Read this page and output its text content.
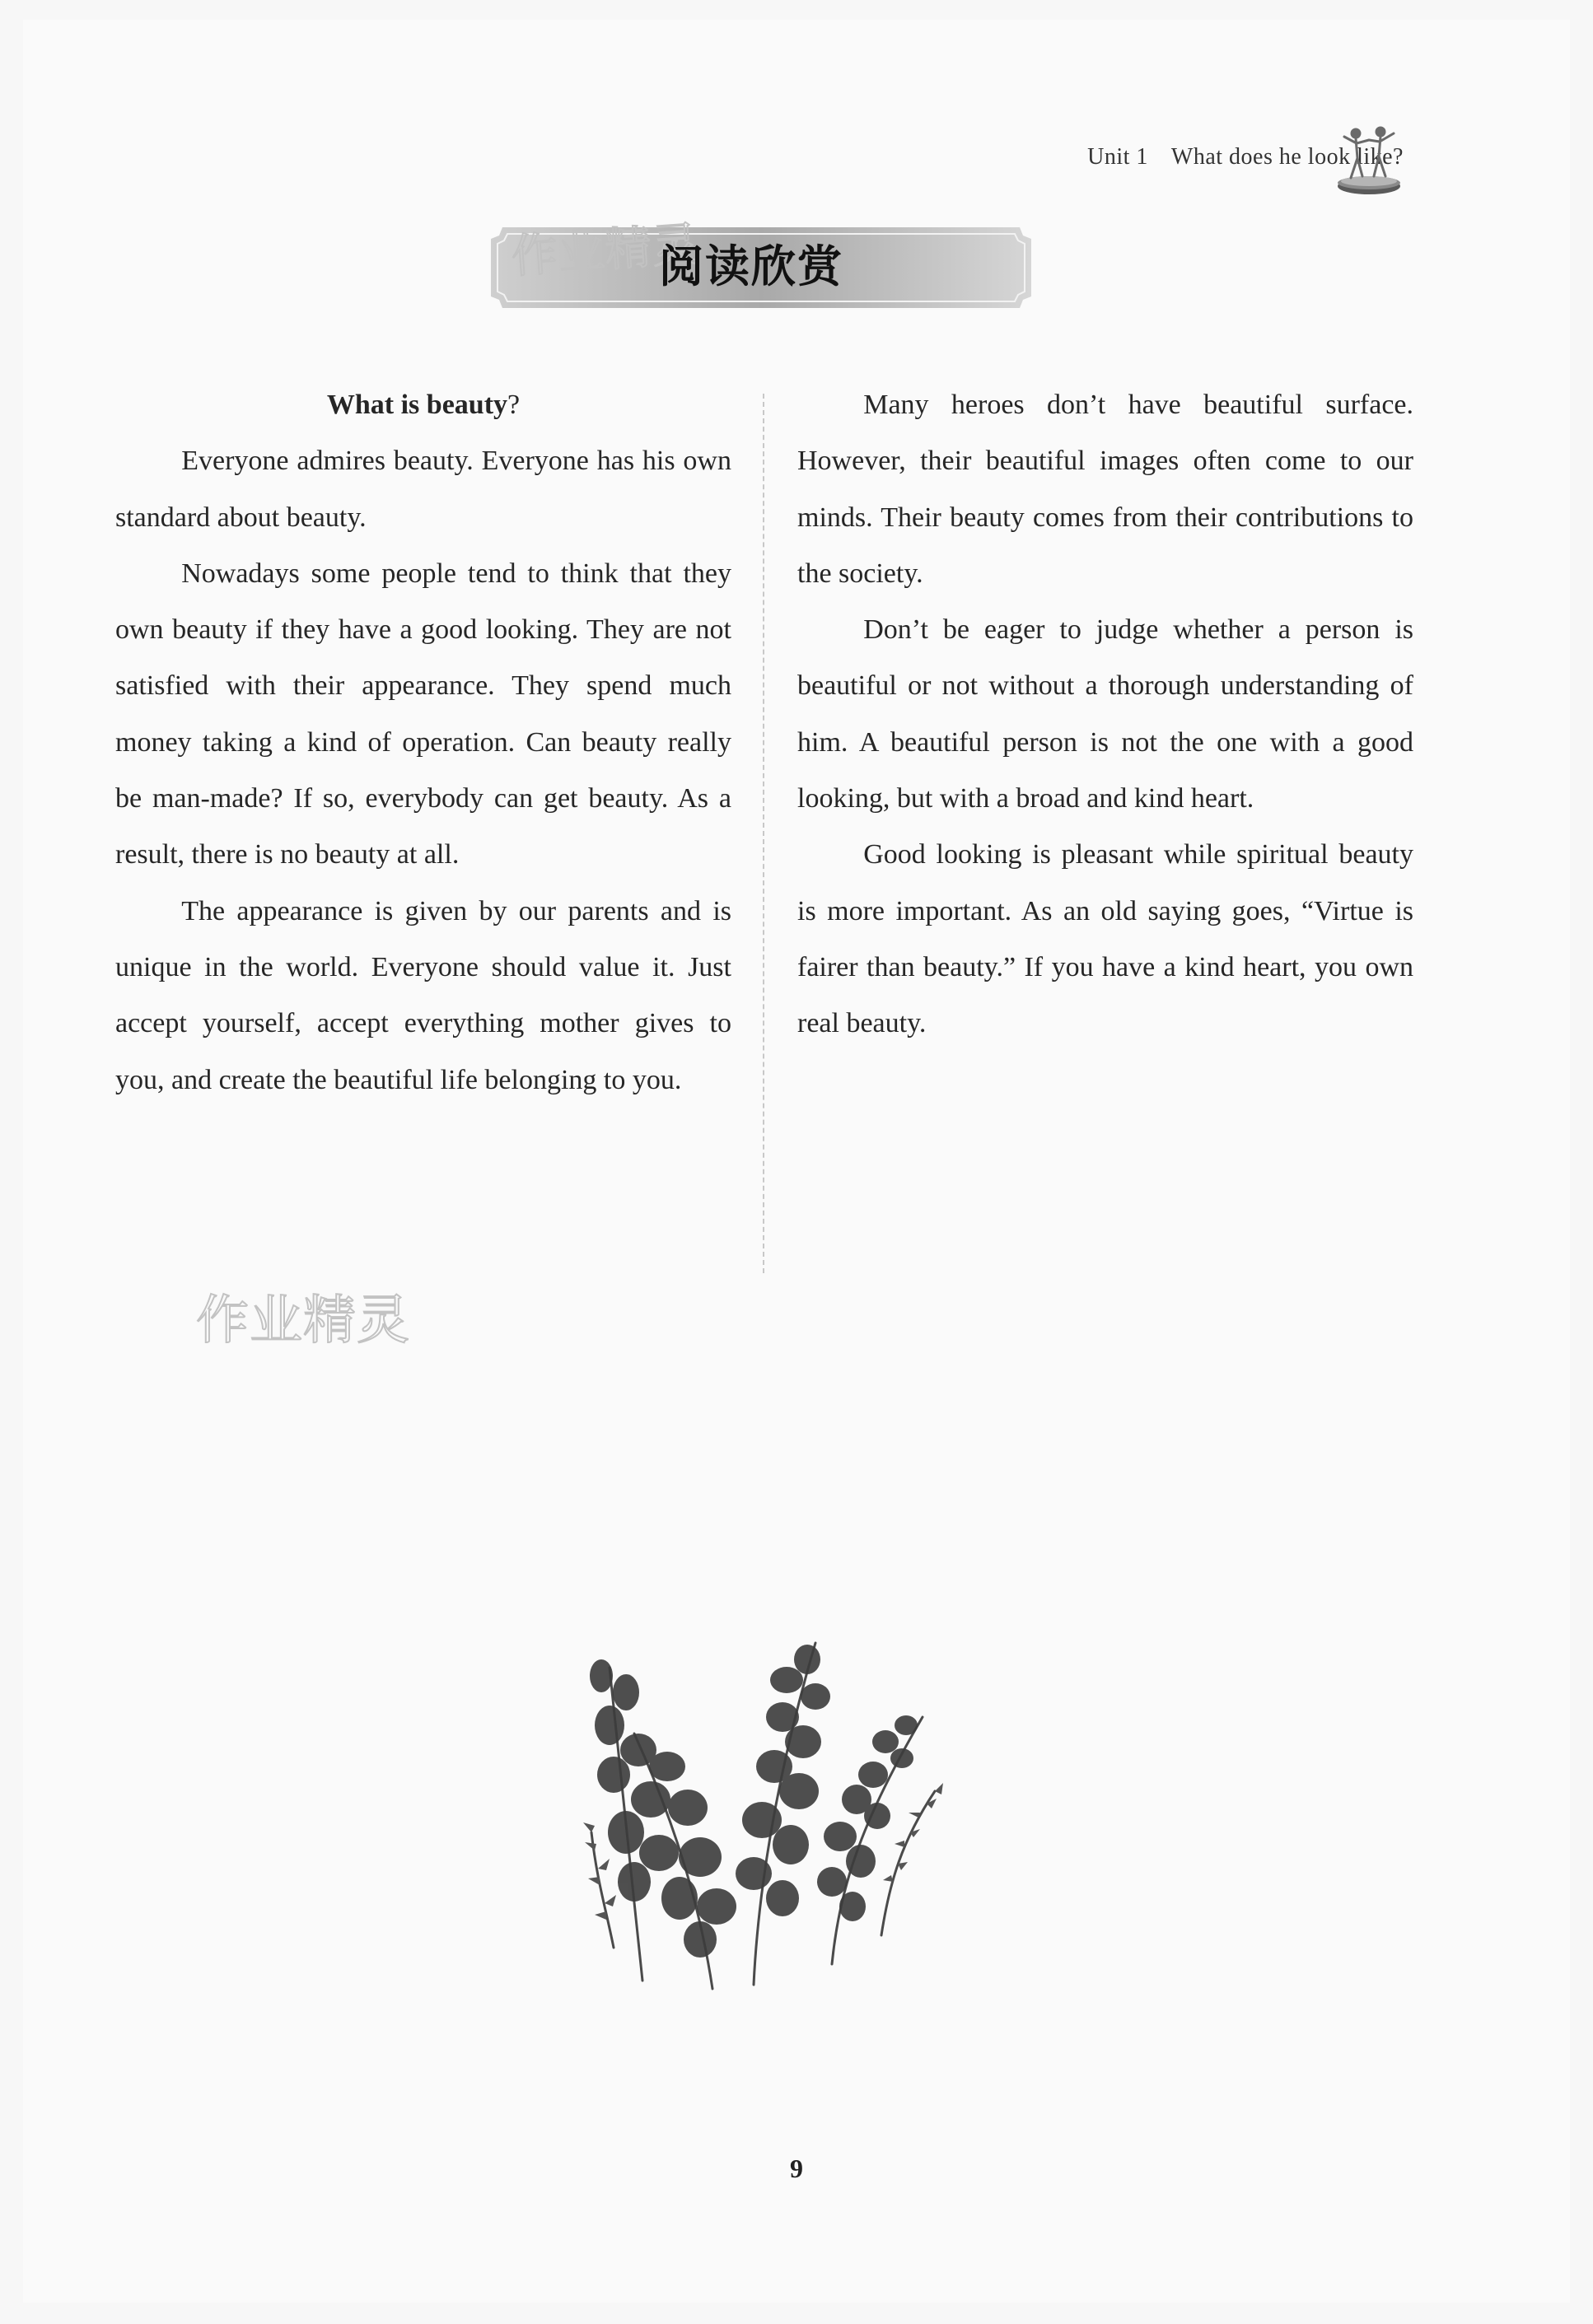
Unit 1 What does he look like?
作业精灵
阅读欣赏

What is beauty?

Everyone admires beauty. Everyone has his own standard about beauty.

Nowadays some people tend to think that they own beauty if they have a good looking. They are not satisfied with their appearance. They spend much money taking a kind of operation. Can beauty really be man-made? If so, everybody can get beauty. As a result, there is no beauty at all.

The appearance is given by our parents and is unique in the world. Everyone should value it. Just accept yourself, accept everything mother gives to you, and create the beautiful life belonging to you.

Many heroes don’t have beautiful surface. However, their beautiful images often come to our minds. Their beauty comes from their contributions to the society.

Don’t be eager to judge whether a person is beautiful or not without a thorough understanding of him. A beautiful person is not the one with a good looking, but with a broad and kind heart.

Good looking is pleasant while spiritual beauty is more important. As an old saying goes, “Virtue is fairer than beauty.” If you have a kind heart, you own real beauty.

作业精灵
9
